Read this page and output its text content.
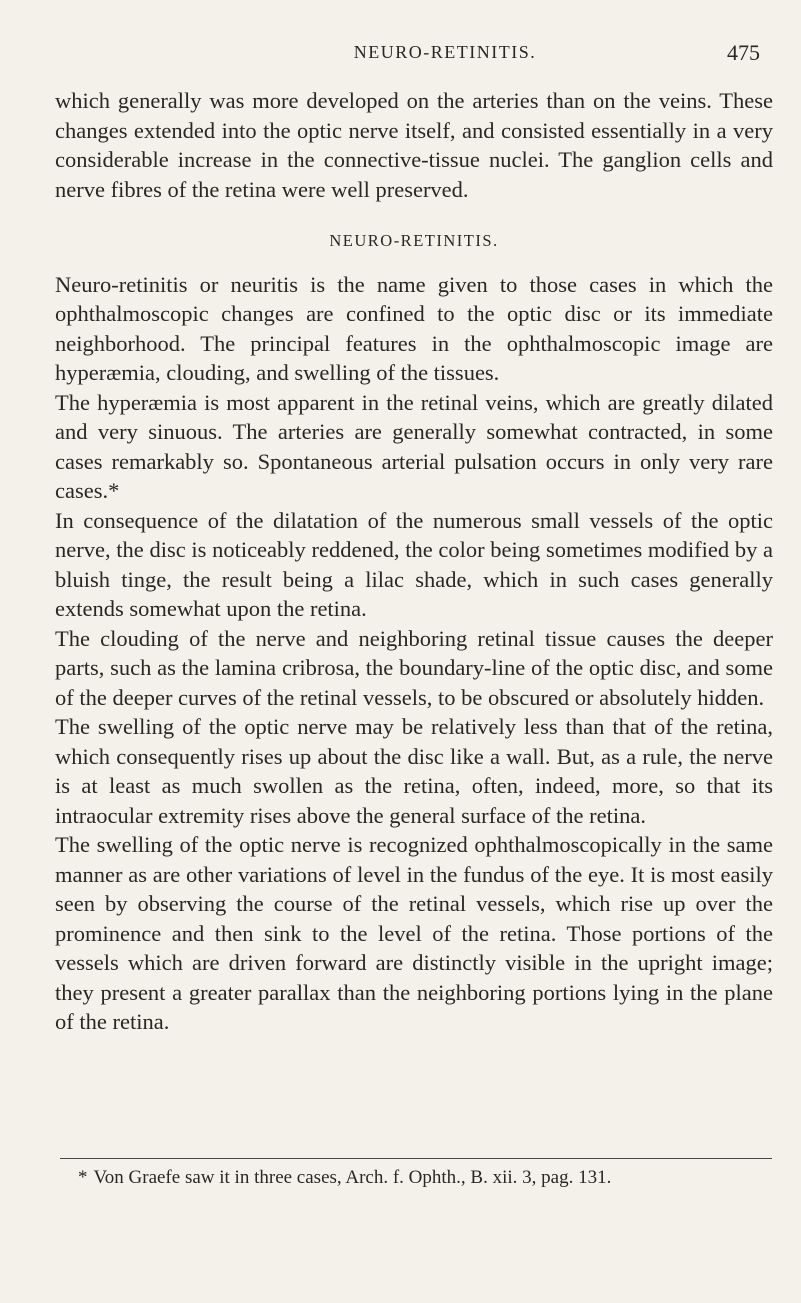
NEURO-RETINITIS.	475

which generally was more developed on the arteries than on the veins. These changes extended into the optic nerve itself, and consisted essentially in a very considerable increase in the connective-tissue nuclei. The ganglion cells and nerve fibres of the retina were well preserved.

NEURO-RETINITIS.

Neuro-retinitis or neuritis is the name given to those cases in which the ophthalmoscopic changes are confined to the optic disc or its immediate neighborhood. The principal features in the ophthalmoscopic image are hyperæmia, clouding, and swelling of the tissues.

The hyperæmia is most apparent in the retinal veins, which are greatly dilated and very sinuous. The arteries are generally somewhat contracted, in some cases remarkably so. Spontaneous arterial pulsation occurs in only very rare cases.*

In consequence of the dilatation of the numerous small vessels of the optic nerve, the disc is noticeably reddened, the color being sometimes modified by a bluish tinge, the result being a lilac shade, which in such cases generally extends somewhat upon the retina.

The clouding of the nerve and neighboring retinal tissue causes the deeper parts, such as the lamina cribrosa, the boundary-line of the optic disc, and some of the deeper curves of the retinal vessels, to be obscured or absolutely hidden.

The swelling of the optic nerve may be relatively less than that of the retina, which consequently rises up about the disc like a wall. But, as a rule, the nerve is at least as much swollen as the retina, often, indeed, more, so that its intraocular extremity rises above the general surface of the retina.

The swelling of the optic nerve is recognized ophthalmoscopically in the same manner as are other variations of level in the fundus of the eye. It is most easily seen by observing the course of the retinal vessels, which rise up over the prominence and then sink to the level of the retina. Those portions of the vessels which are driven forward are distinctly visible in the upright image; they present a greater parallax than the neighboring portions lying in the plane of the retina.

* Von Graefe saw it in three cases, Arch. f. Ophth., B. xii. 3, pag. 131.
